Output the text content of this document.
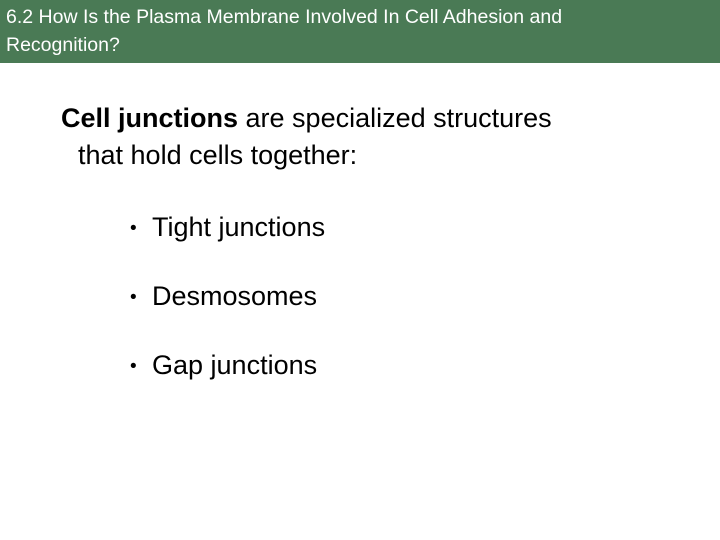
6.2 How Is the Plasma Membrane Involved In Cell Adhesion and

Recognition?

Cell junctions are specialized structures
that hold cells together:
• Tight junctions
• Desmosomes
• Gap junctions
